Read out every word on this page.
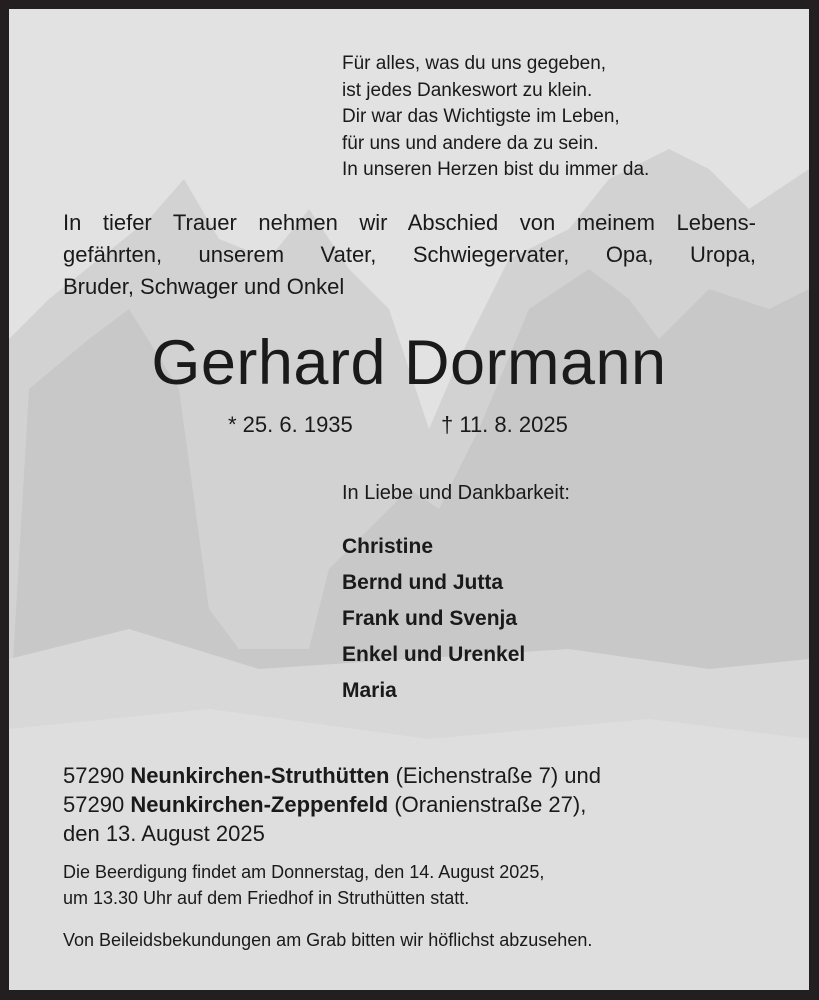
Für alles, was du uns gegeben,
ist jedes Dankeswort zu klein.
Dir war das Wichtigste im Leben,
für uns und andere da zu sein.
In unseren Herzen bist du immer da.
In tiefer Trauer nehmen wir Abschied von meinem Lebens-
gefährten, unserem Vater, Schwiegervater, Opa, Uropa,
Bruder, Schwager und Onkel
Gerhard Dormann
* 25. 6. 1935	† 11. 8. 2025
In Liebe und Dankbarkeit:
Christine
Bernd und Jutta
Frank und Svenja
Enkel und Urenkel
Maria
57290 Neunkirchen-Struthütten (Eichenstraße 7) und
57290 Neunkirchen-Zeppenfeld (Oranienstraße 27),
den 13. August 2025
Die Beerdigung findet am Donnerstag, den 14. August 2025,
um 13.30 Uhr auf dem Friedhof in Struthütten statt.
Von Beileidsbekundungen am Grab bitten wir höflichst abzusehen.
